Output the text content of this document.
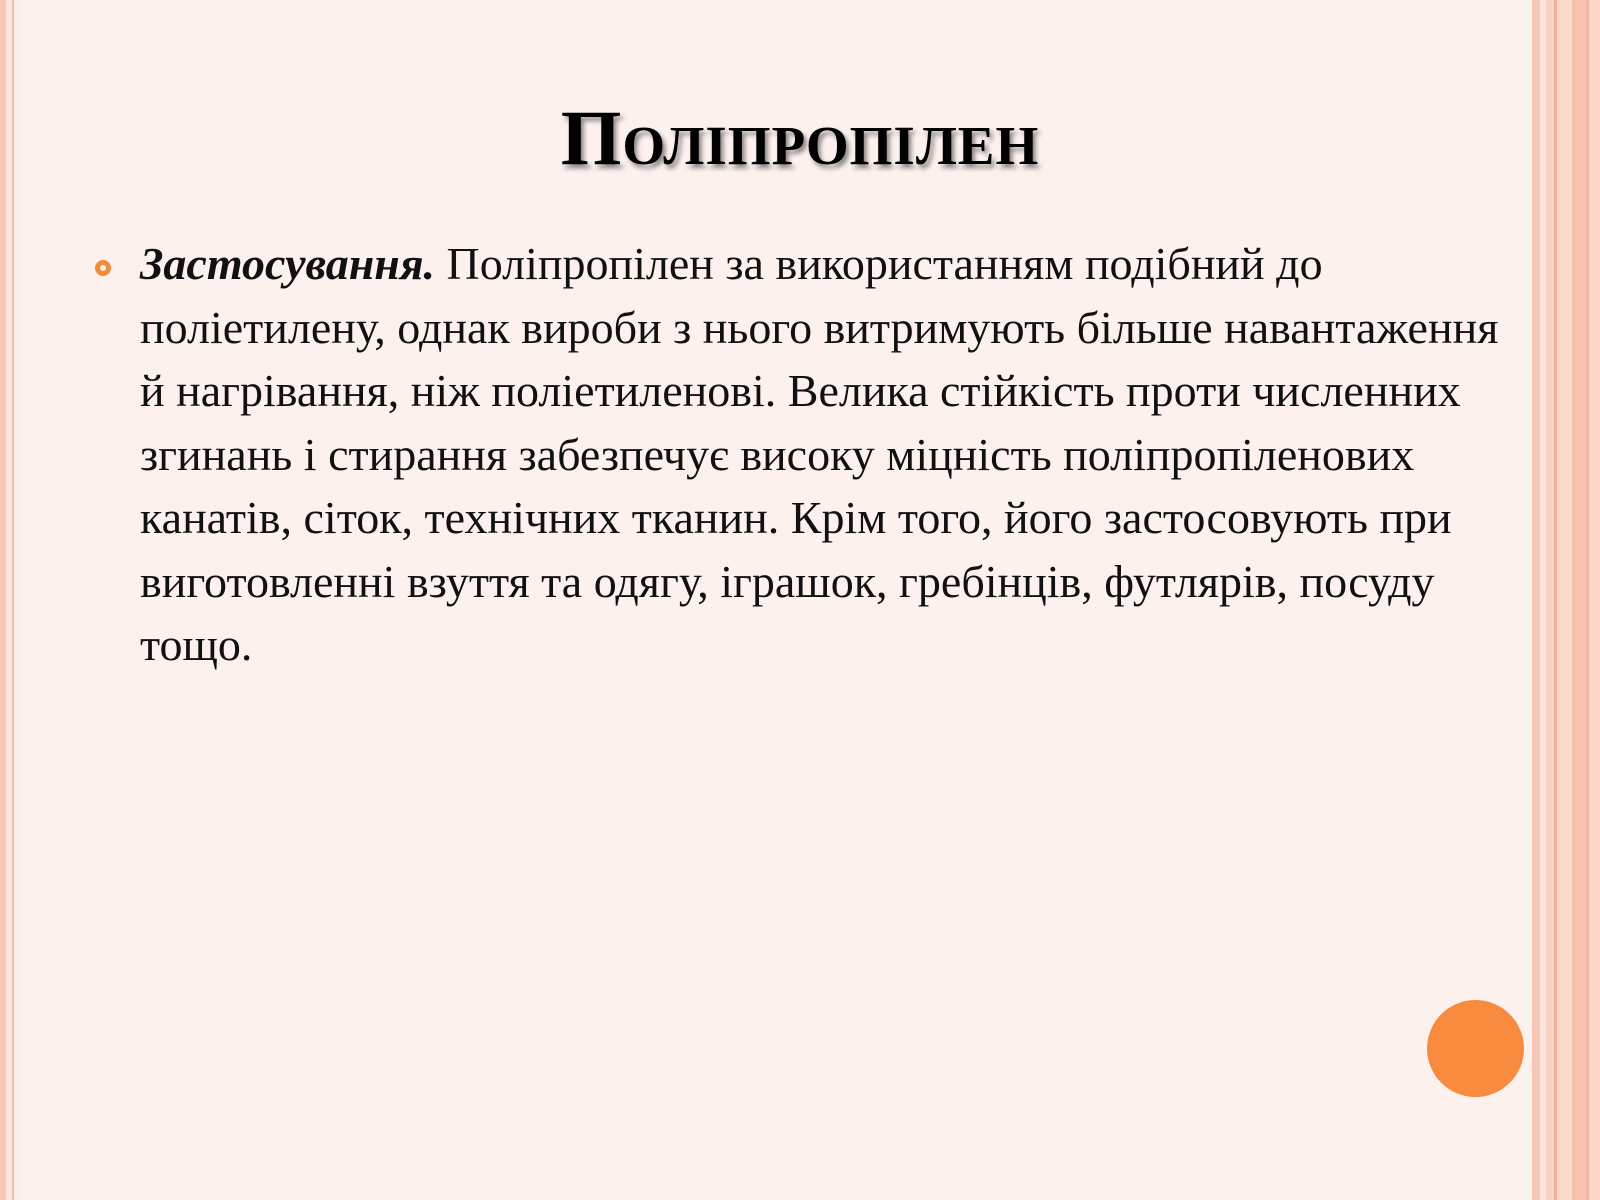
Поліпропілен

Застосування. Поліпропілен за використанням подібний до поліетилену, однак вироби з нього витримують більше навантаження й нагрівання, ніж поліетиленові. Велика стійкість проти численних згинань і стирання забезпечує високу міцність поліпропіленових канатів, сіток, технічних тканин. Крім того, його застосовують при виготовленні взуття та одягу, іграшок, гребінців, футлярів, посуду тощо.
